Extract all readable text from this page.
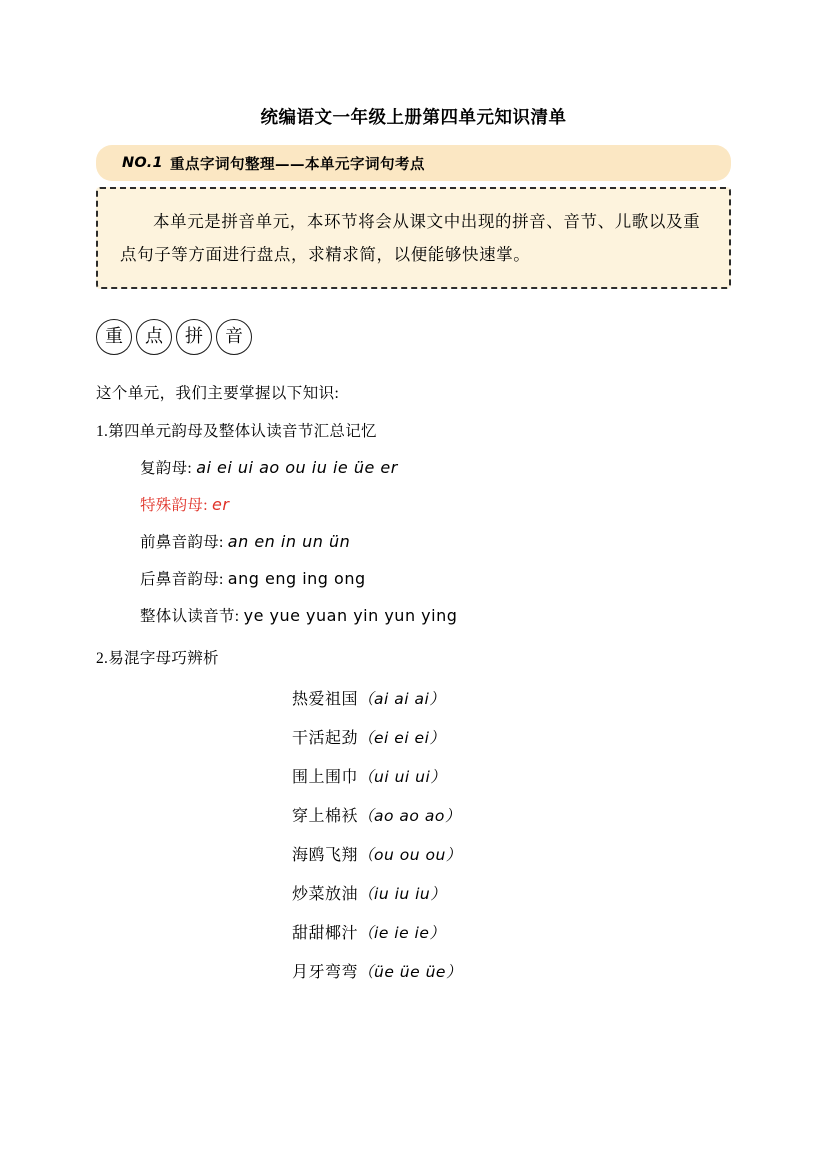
统编语文一年级上册第四单元知识清单
NO.1 重点字词句整理——本单元字词句考点

本单元是拼音单元，本环节将会从课文中出现的拼音、音节、儿歌以及重点句子等方面进行盘点，求精求简，以便能够快速掌。

重	点	拼	音

这个单元，我们主要掌握以下知识:

1.第四单元韵母及整体认读音节汇总记忆

复韵母: ai ei ui ao ou iu ie üe er
特殊韵母: er
前鼻音韵母: an en in un ün
后鼻音韵母: ang eng ing ong
整体认读音节: ye yue yuan yin yun ying

2.易混字母巧辨析

热爱祖国（ai ai ai）
干活起劲（ei ei ei）
围上围巾（ui ui ui）
穿上棉袄（ao ao ao）
海鸥飞翔（ou ou ou）
炒菜放油（iu iu iu）
甜甜椰汁（ie ie ie）
月牙弯弯（üe üe üe）
